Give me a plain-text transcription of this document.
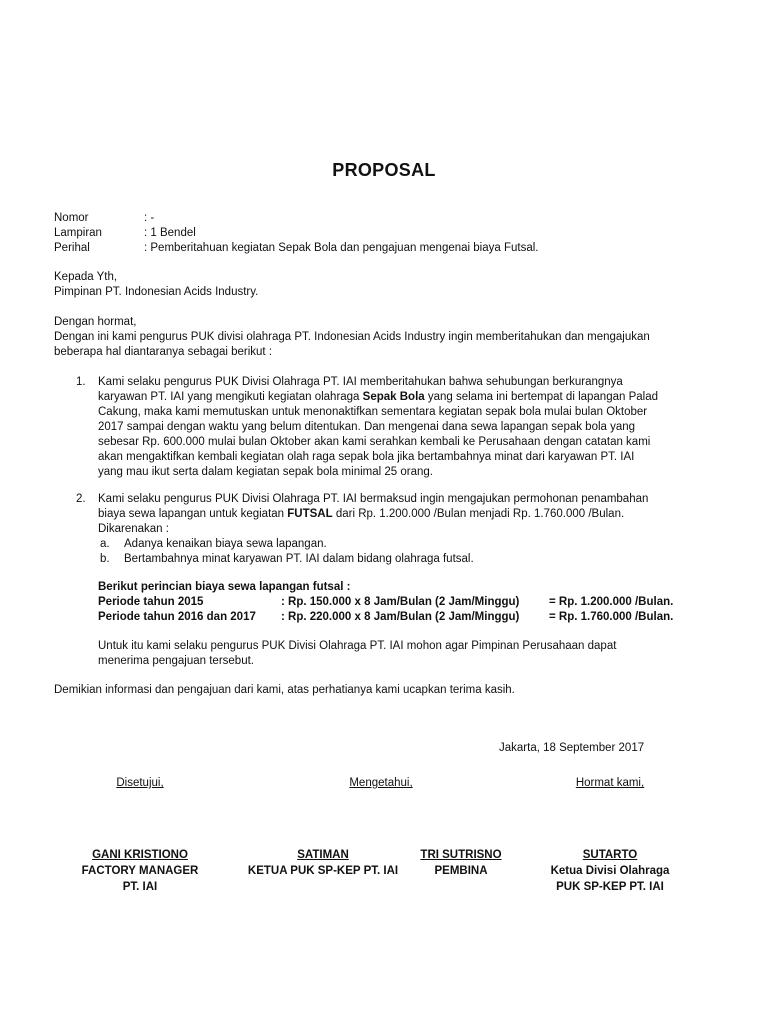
PROPOSAL
Nomor	: -
Lampiran	: 1 Bendel
Perihal	: Pemberitahuan kegiatan Sepak Bola dan pengajuan mengenai biaya Futsal.
Kepada Yth,
Pimpinan PT. Indonesian Acids Industry.
Dengan hormat,
Dengan ini kami pengurus PUK divisi olahraga PT. Indonesian Acids Industry ingin memberitahukan dan mengajukan
beberapa hal diantaranya sebagai berikut :
1. Kami selaku pengurus PUK Divisi Olahraga PT. IAI memberitahukan bahwa sehubungan berkurangnya
karyawan PT. IAI yang mengikuti kegiatan olahraga Sepak Bola yang selama ini bertempat di lapangan Palad
Cakung, maka kami memutuskan untuk menonaktifkan sementara kegiatan sepak bola mulai bulan Oktober
2017 sampai dengan waktu yang belum ditentukan. Dan mengenai dana sewa lapangan sepak bola yang
sebesar Rp. 600.000 mulai bulan Oktober akan kami serahkan kembali ke Perusahaan dengan catatan kami
akan mengaktifkan kembali kegiatan olah raga sepak bola jika bertambahnya minat dari karyawan PT. IAI
yang mau ikut serta dalam kegiatan sepak bola minimal 25 orang.
2. Kami selaku pengurus PUK Divisi Olahraga PT. IAI bermaksud ingin mengajukan permohonan penambahan
biaya sewa lapangan untuk kegiatan FUTSAL dari Rp. 1.200.000 /Bulan menjadi Rp. 1.760.000 /Bulan.
Dikarenakan :
a. Adanya kenaikan biaya sewa lapangan.
b. Bertambahnya minat karyawan PT. IAI dalam bidang olahraga futsal.
Berikut perincian biaya sewa lapangan futsal :
Periode tahun 2015	: Rp. 150.000 x 8 Jam/Bulan (2 Jam/Minggu)	= Rp. 1.200.000 /Bulan.
Periode tahun 2016 dan 2017 : Rp. 220.000 x 8 Jam/Bulan (2 Jam/Minggu)	= Rp. 1.760.000 /Bulan.
Untuk itu kami selaku pengurus PUK Divisi Olahraga PT. IAI mohon agar Pimpinan Perusahaan dapat
menerima pengajuan tersebut.
Demikian informasi dan pengajuan dari kami, atas perhatianya kami ucapkan terima kasih.
Jakarta, 18 September 2017
Disetujui,	Mengetahui,	Hormat kami,
GANI KRISTIONO
FACTORY MANAGER
PT. IAI
SATIMAN
KETUA PUK SP-KEP PT. IAI
TRI SUTRISNO
PEMBINA
SUTARTO
Ketua Divisi Olahraga
PUK SP-KEP PT. IAI
